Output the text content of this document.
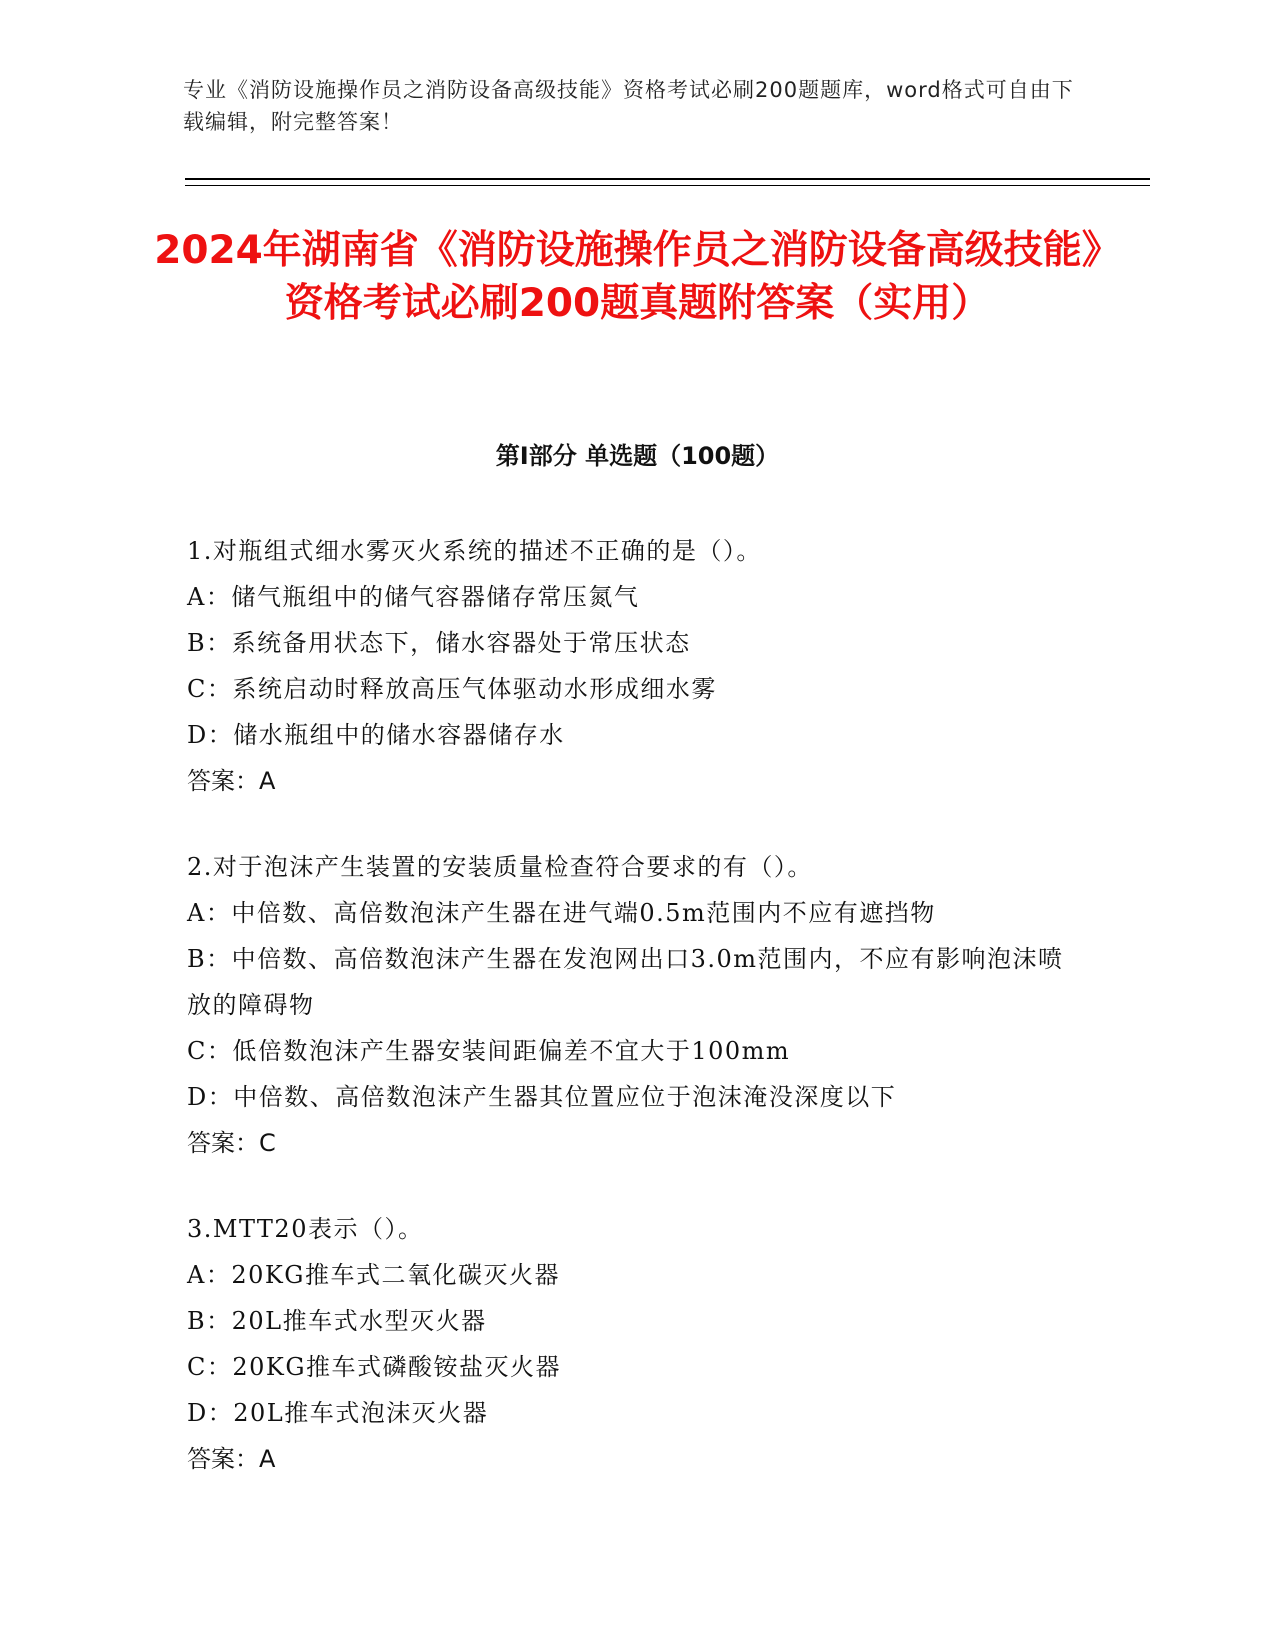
专业《消防设施操作员之消防设备高级技能》资格考试必刷200题题库，word格式可自由下载编辑，附完整答案！
2024年湖南省《消防设施操作员之消防设备高级技能》资格考试必刷200题真题附答案（实用）
第I部分 单选题（100题）

1.对瓶组式细水雾灭火系统的描述不正确的是（）。

A：储气瓶组中的储气容器储存常压氮气

B：系统备用状态下，储水容器处于常压状态

C：系统启动时释放高压气体驱动水形成细水雾

D：储水瓶组中的储水容器储存水

答案：A

2.对于泡沫产生装置的安装质量检查符合要求的有（）。

A：中倍数、高倍数泡沫产生器在进气端0.5m范围内不应有遮挡物

B：中倍数、高倍数泡沫产生器在发泡网出口3.0m范围内，不应有影响泡沫喷放的障碍物

C：低倍数泡沫产生器安装间距偏差不宜大于100mm

D：中倍数、高倍数泡沫产生器其位置应位于泡沫淹没深度以下

答案：C

3.MTT20表示（）。

A：20KG推车式二氧化碳灭火器

B：20L推车式水型灭火器

C：20KG推车式磷酸铵盐灭火器

D：20L推车式泡沫灭火器

答案：A
